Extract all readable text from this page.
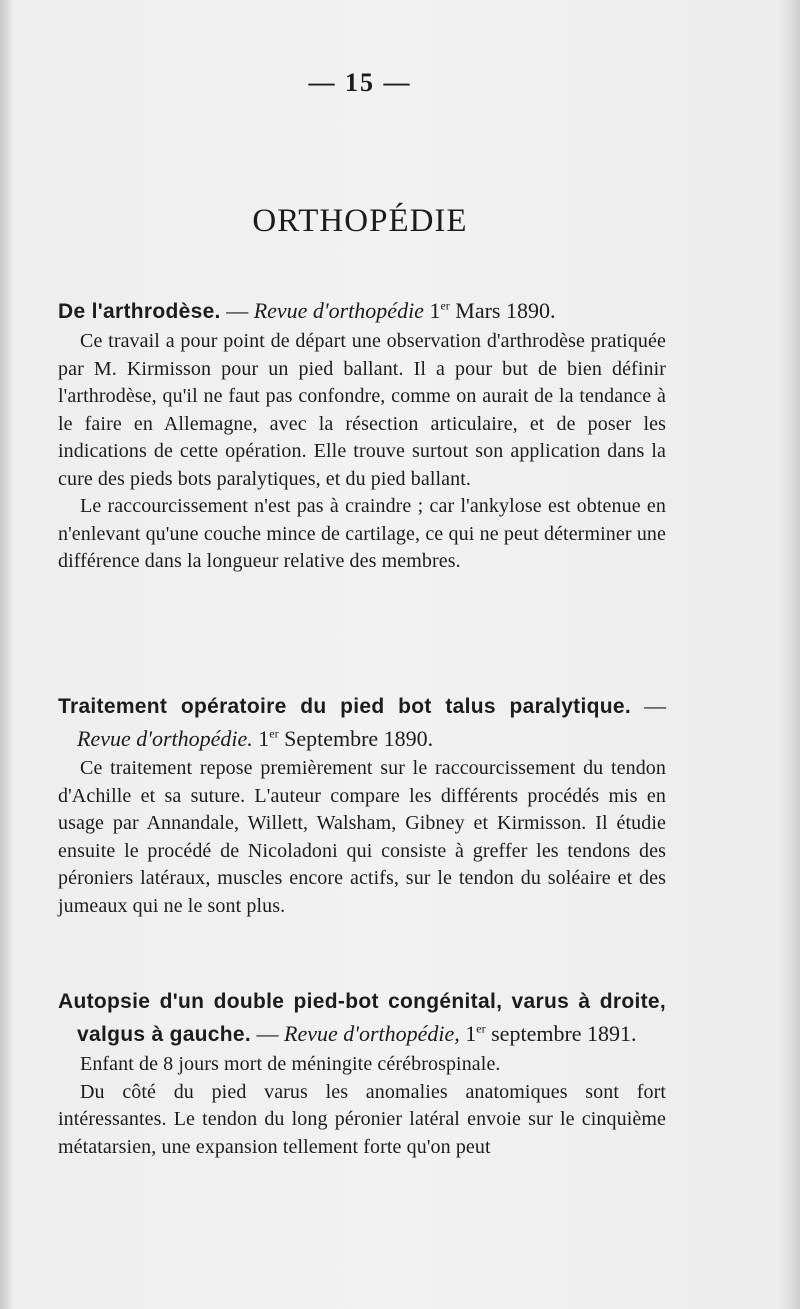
— 15 —
ORTHOPÉDIE

De l'arthrodèse. — Revue d'orthopédie 1er Mars 1890.

Ce travail a pour point de départ une observation d'arthrodèse pratiquée par M. Kirmisson pour un pied ballant. Il a pour but de bien définir l'arthrodèse, qu'il ne faut pas confondre, comme on aurait de la tendance à le faire en Allemagne, avec la résection articulaire, et de poser les indications de cette opération. Elle trouve surtout son application dans la cure des pieds bots paralytiques, et du pied ballant.

Le raccourcissement n'est pas à craindre ; car l'ankylose est obtenue en n'enlevant qu'une couche mince de cartilage, ce qui ne peut déterminer une différence dans la longueur relative des membres.

Traitement opératoire du pied bot talus paralytique. — Revue d'orthopédie. 1er Septembre 1890.

Ce traitement repose premièrement sur le raccourcissement du tendon d'Achille et sa suture. L'auteur compare les différents procédés mis en usage par Annandale, Willett, Walsham, Gibney et Kirmisson. Il étudie ensuite le procédé de Nicoladoni qui consiste à greffer les tendons des péroniers latéraux, muscles encore actifs, sur le tendon du soléaire et des jumeaux qui ne le sont plus.

Autopsie d'un double pied-bot congénital, varus à droite, valgus à gauche. — Revue d'orthopédie, 1er septembre 1891.

Enfant de 8 jours mort de méningite cérébrospinale.

Du côté du pied varus les anomalies anatomiques sont fort intéressantes. Le tendon du long péronier latéral envoie sur le cinquième métatarsien, une expansion tellement forte qu'on peut
